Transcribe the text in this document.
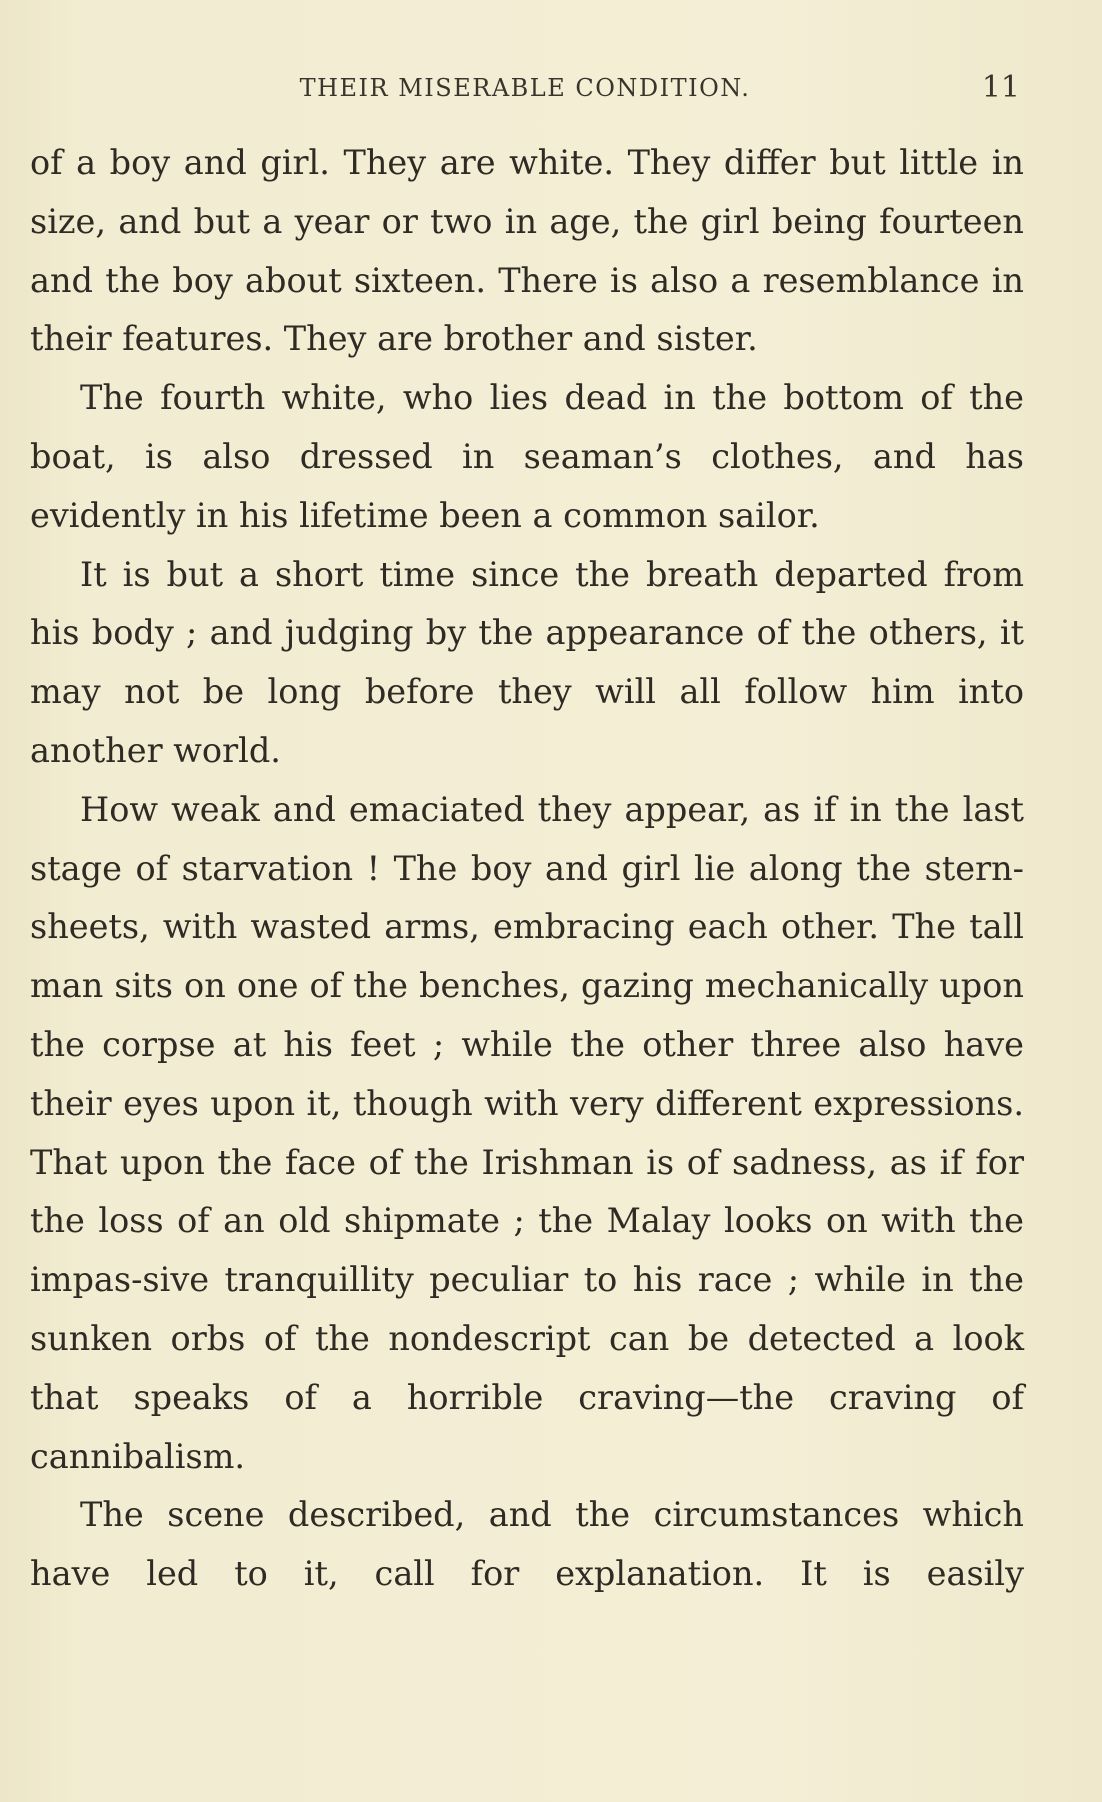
THEIR MISERABLE CONDITION.	11

of a boy and girl. They are white. They differ but little in size, and but a year or two in age, the girl being fourteen and the boy about sixteen. There is also a resemblance in their features. They are brother and sister.

The fourth white, who lies dead in the bottom of the boat, is also dressed in seaman’s clothes, and has evidently in his lifetime been a common sailor.

It is but a short time since the breath departed from his body ; and judging by the appearance of the others, it may not be long before they will all follow him into another world.

How weak and emaciated they appear, as if in the last stage of starvation ! The boy and girl lie along the stern-sheets, with wasted arms, embracing each other. The tall man sits on one of the benches, gazing mechanically upon the corpse at his feet ; while the other three also have their eyes upon it, though with very different expressions. That upon the face of the Irishman is of sadness, as if for the loss of an old shipmate ; the Malay looks on with the impas-sive tranquillity peculiar to his race ; while in the sunken orbs of the nondescript can be detected a look that speaks of a horrible craving—the craving of cannibalism.

The scene described, and the circumstances which have led to it, call for explanation. It is easily
